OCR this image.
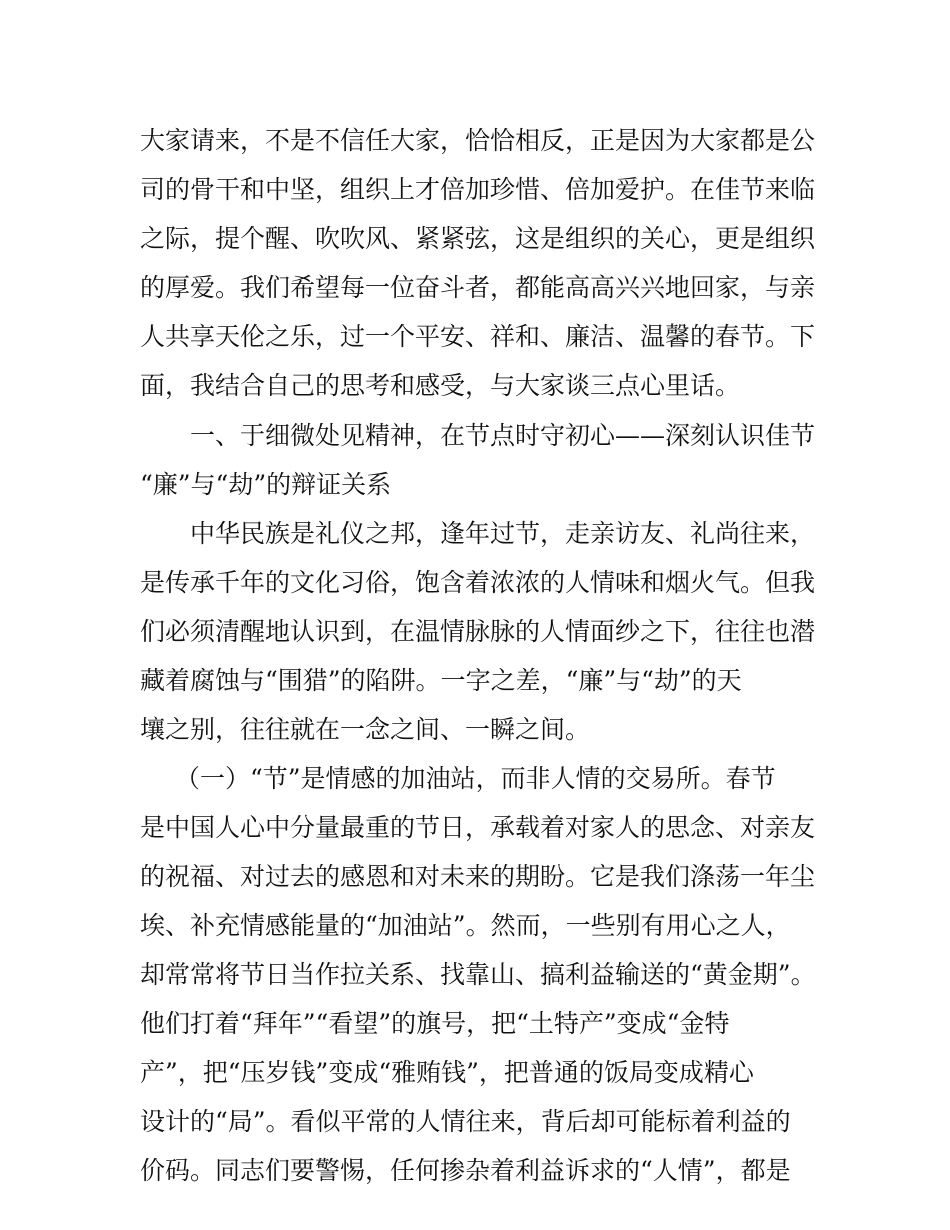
大家请来，不是不信任大家，恰恰相反，正是因为大家都是公
司的骨干和中坚，组织上才倍加珍惜、倍加爱护。在佳节来临
之际，提个醒、吹吹风、紧紧弦，这是组织的关心，更是组织
的厚爱。我们希望每一位奋斗者，都能高高兴兴地回家，与亲
人共享天伦之乐，过一个平安、祥和、廉洁、温馨的春节。下
面，我结合自己的思考和感受，与大家谈三点心里话。
一、于细微处见精神，在节点时守初心——深刻认识佳节
“廉”与“劫”的辩证关系
中华民族是礼仪之邦，逢年过节，走亲访友、礼尚往来，
是传承千年的文化习俗，饱含着浓浓的人情味和烟火气。但我
们必须清醒地认识到，在温情脉脉的人情面纱之下，往往也潜
藏着腐蚀与“围猎”的陷阱。一字之差，“廉”与“劫”的天
壤之别，往往就在一念之间、一瞬之间。
（一）“节”是情感的加油站，而非人情的交易所。春节
是中国人心中分量最重的节日，承载着对家人的思念、对亲友
的祝福、对过去的感恩和对未来的期盼。它是我们涤荡一年尘
埃、补充情感能量的“加油站”。然而，一些别有用心之人，
却常常将节日当作拉关系、找靠山、搞利益输送的“黄金期”。
他们打着“拜年”“看望”的旗号，把“土特产”变成“金特
产”，把“压岁钱”变成“雅贿钱”，把普通的饭局变成精心
设计的“局”。看似平常的人情往来，背后却可能标着利益的
价码。同志们要警惕，任何掺杂着利益诉求的“人情”，都是
